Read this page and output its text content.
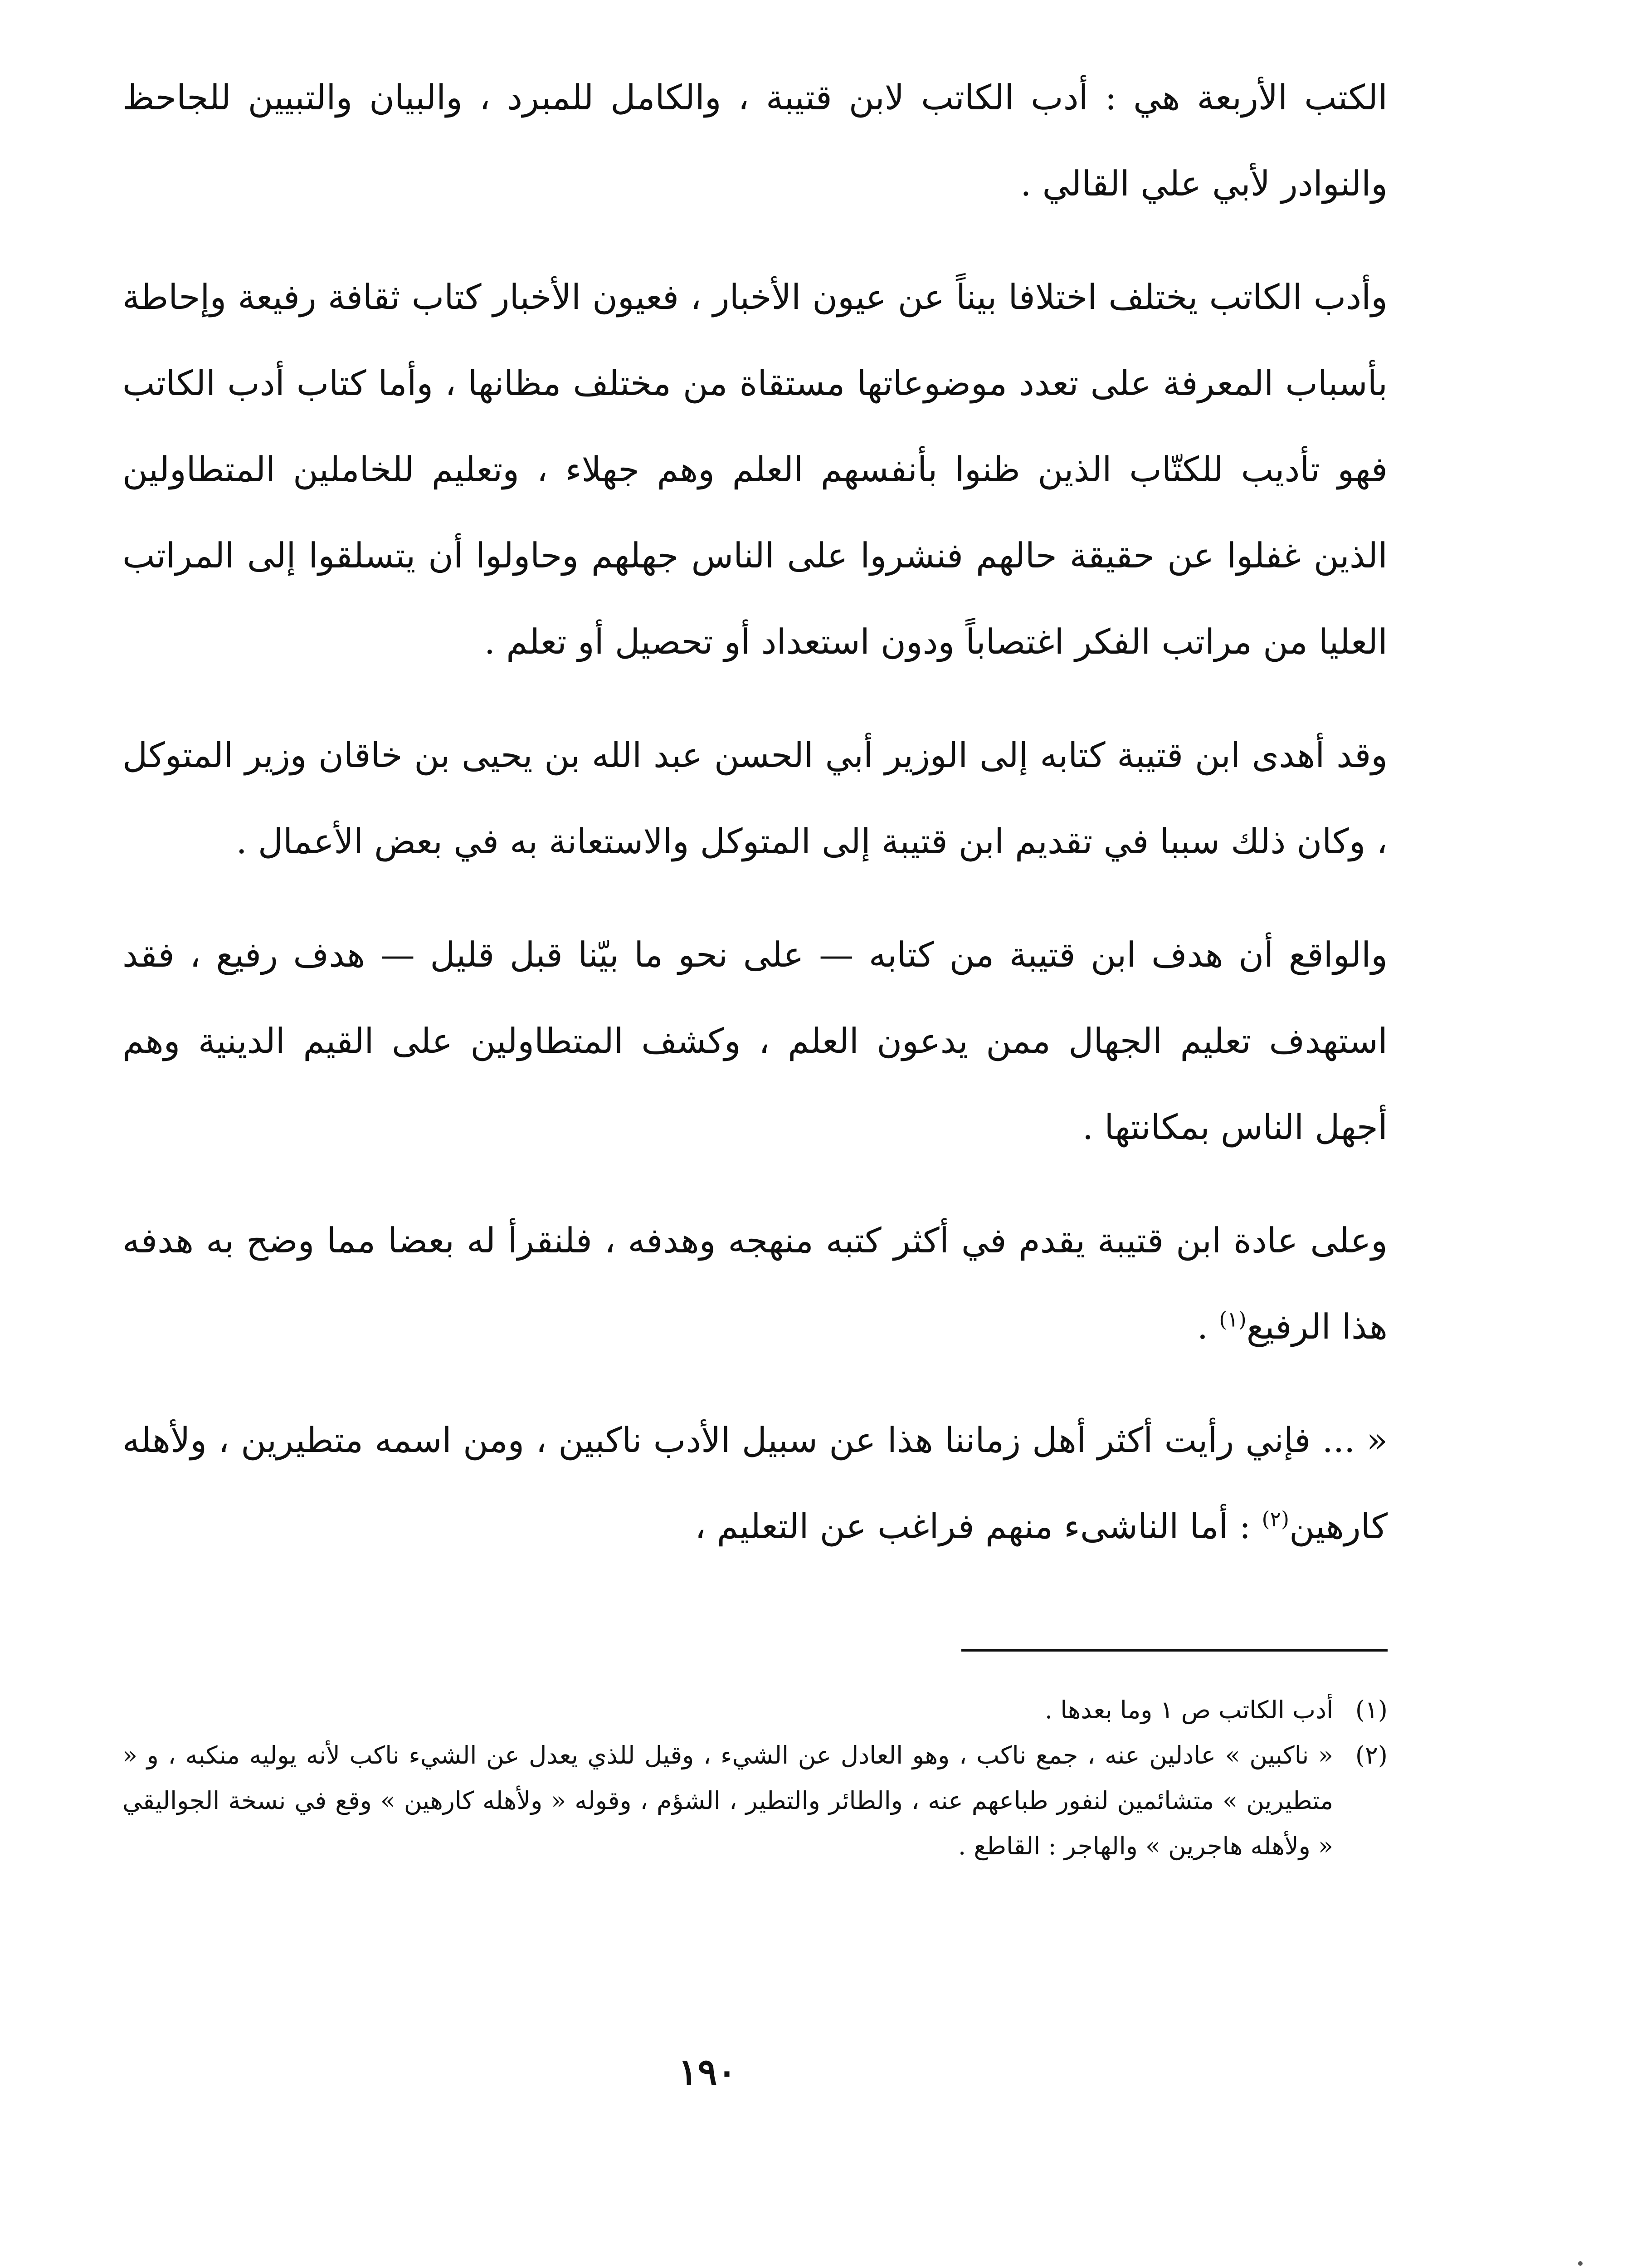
الكتب الأربعة هي : أدب الكاتب لابن قتيبة ، والكامل للمبرد ، والبيان والتبيين للجاحظ والنوادر لأبي علي القالي .

وأدب الكاتب يختلف اختلافا بيناً عن عيون الأخبار ، فعيون الأخبار كتاب ثقافة رفيعة وإحاطة بأسباب المعرفة على تعدد موضوعاتها مستقاة من مختلف مظانها ، وأما كتاب أدب الكاتب فهو تأديب للكتّاب الذين ظنوا بأنفسهم العلم وهم جهلاء ، وتعليم للخاملين المتطاولين الذين غفلوا عن حقيقة حالهم فنشروا على الناس جهلهم وحاولوا أن يتسلقوا إلى المراتب العليا من مراتب الفكر اغتصاباً ودون استعداد أو تحصيل أو تعلم .

وقد أهدى ابن قتيبة كتابه إلى الوزير أبي الحسن عبد الله بن يحيى بن خاقان وزير المتوكل ، وكان ذلك سببا في تقديم ابن قتيبة إلى المتوكل والاستعانة به في بعض الأعمال .

والواقع أن هدف ابن قتيبة من كتابه — على نحو ما بيّنا قبل قليل — هدف رفيع ، فقد استهدف تعليم الجهال ممن يدعون العلم ، وكشف المتطاولين على القيم الدينية وهم أجهل الناس بمكانتها .

وعلى عادة ابن قتيبة يقدم في أكثر كتبه منهجه وهدفه ، فلنقرأ له بعضا مما وضح به هدفه هذا الرفيع$^{(١)}$ .

« ... فإني رأيت أكثر أهل زماننا هذا عن سبيل الأدب ناكبين ، ومن اسمه متطيرين ، ولأهله كارهين$^{(٢)}$ : أما الناشىء منهم فراغب عن التعليم ،

(١)
أدب الكاتب ص ١ وما بعدها .
(٢)
« ناكبين » عادلين عنه ، جمع ناكب ، وهو العادل عن الشيء ، وقيل للذي يعدل عن الشيء ناكب لأنه يوليه منكبه ، و « متطيرين » متشائمين لنفور طباعهم عنه ، والطائر والتطير ، الشؤم ، وقوله « ولأهله كارهين » وقع في نسخة الجواليقي « ولأهله هاجرين » والهاجر : القاطع .
١٩٠
